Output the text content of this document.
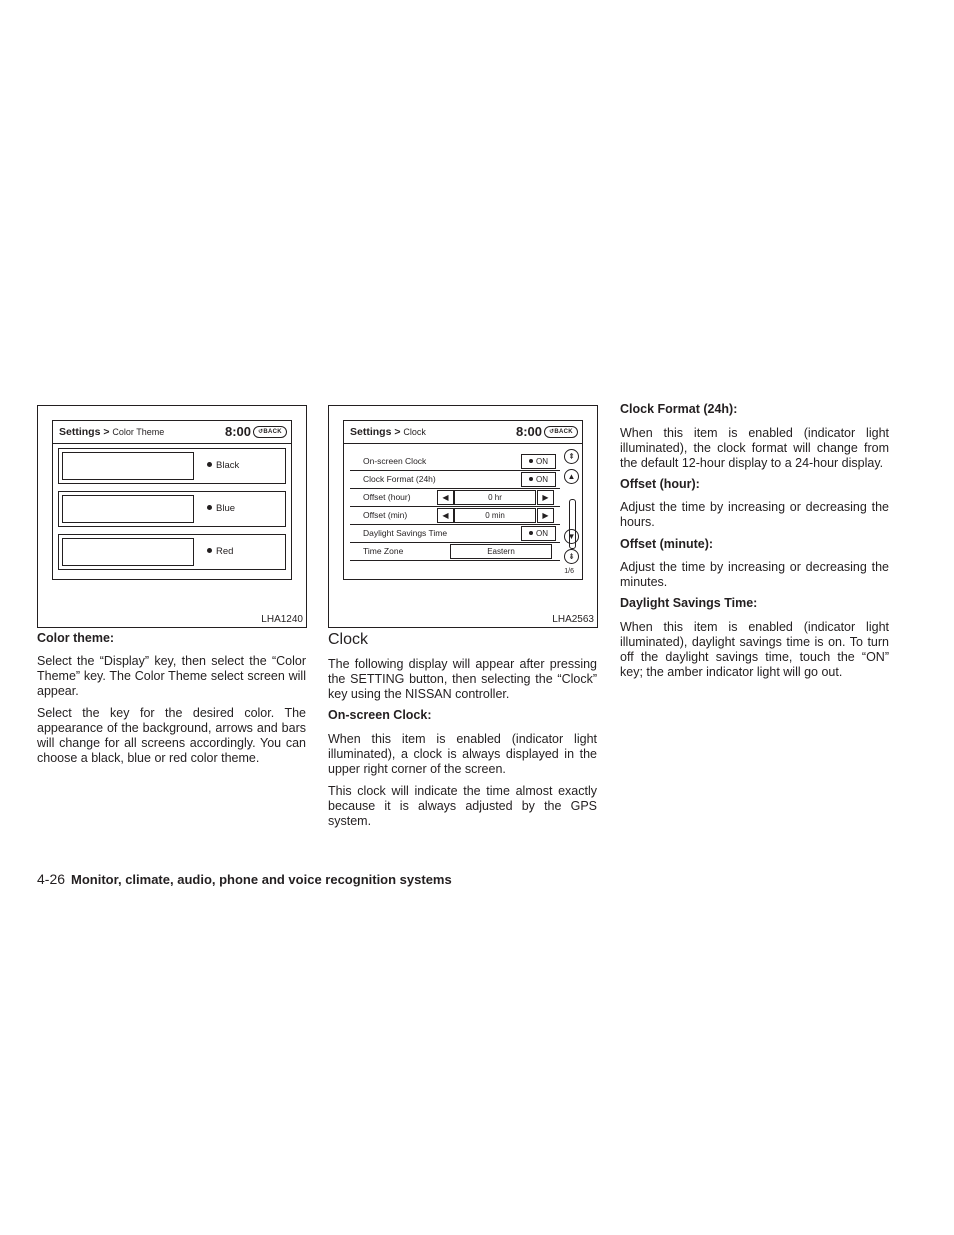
Settings > Color Theme	8:00	↺BACK
Black
Blue
Red
LHA1240
Settings > Clock	8:00	↺BACK
On-screen Clock	ON
Clock Format (24h)	ON
Offset (hour)	◀	0 hr	▶
Offset (min)	◀	0 min	▶
Daylight Savings Time	ON
Time Zone	Eastern
⇞
▲
▼
⇟
1/6
LHA2563
Color theme:

Select the “Display” key, then select the “Color Theme” key. The Color Theme select screen will appear.

Select the key for the desired color. The appearance of the background, arrows and bars will change for all screens accordingly. You can choose a black, blue or red color theme.

Clock

The following display will appear after pressing the SETTING button, then selecting the “Clock” key using the NISSAN controller.

On-screen Clock:

When this item is enabled (indicator light illuminated), a clock is always displayed in the upper right corner of the screen.

This clock will indicate the time almost exactly because it is always adjusted by the GPS system.

Clock Format (24h):

When this item is enabled (indicator light illuminated), the clock format will change from the default 12-hour display to a 24-hour display.

Offset (hour):

Adjust the time by increasing or decreasing the hours.

Offset (minute):

Adjust the time by increasing or decreasing the minutes.

Daylight Savings Time:

When this item is enabled (indicator light illuminated), daylight savings time is on. To turn off the daylight savings time, touch the “ON” key; the amber indicator light will go out.

4-26 Monitor, climate, audio, phone and voice recognition systems
